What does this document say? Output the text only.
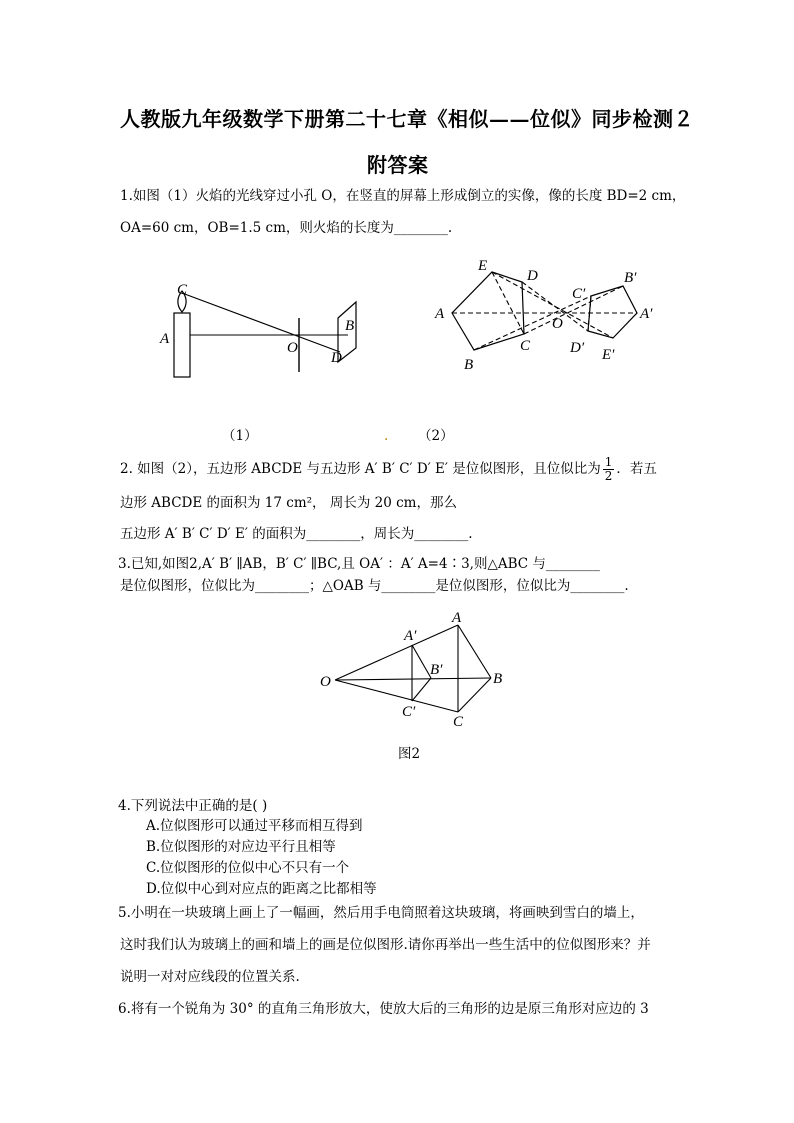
人教版九年级数学下册第二十七章《相似——位似》同步检测２
附答案
1.如图（1）火焰的光线穿过小孔 O，在竖直的屏幕上形成倒立的实像，像的长度 BD=2 cm，
OA=60 cm，OB=1.5 cm，则火焰的长度为________.
C
A
O
B
D
E
D
A
C
B
O
C′
B′
A′
D′ E′
（1）	. （2）
2. 如图（2），五边形 ABCDE 与五边形 A′ B′ C′ D′ E′ 是位似图形，且位似比为 $\frac{1}{2}$ ．若五
边形 ABCDE 的面积为 17 cm²， 周长为 20 cm，那么
五边形 A′ B′ C′ D′ E′ 的面积为________，周长为________.
3.已知,如图2,A′ B′ ∥AB，B′ C′ ∥BC,且 OA′ ：A′ A=4∶3,则△ABC 与________
是位似图形，位似比为________；△OAB 与________是位似图形，位似比为________.
O
A
A′
B′
B
C′
C
图2
4.下列说法中正确的是( )
A.位似图形可以通过平移而相互得到
B.位似图形的对应边平行且相等
C.位似图形的位似中心不只有一个
D.位似中心到对应点的距离之比都相等
5.小明在一块玻璃上画上了一幅画，然后用手电筒照着这块玻璃，将画映到雪白的墙上，
这时我们认为玻璃上的画和墙上的画是位似图形.请你再举出一些生活中的位似图形来？并
说明一对对应线段的位置关系.
6.将有一个锐角为 30° 的直角三角形放大，使放大后的三角形的边是原三角形对应边的 3
